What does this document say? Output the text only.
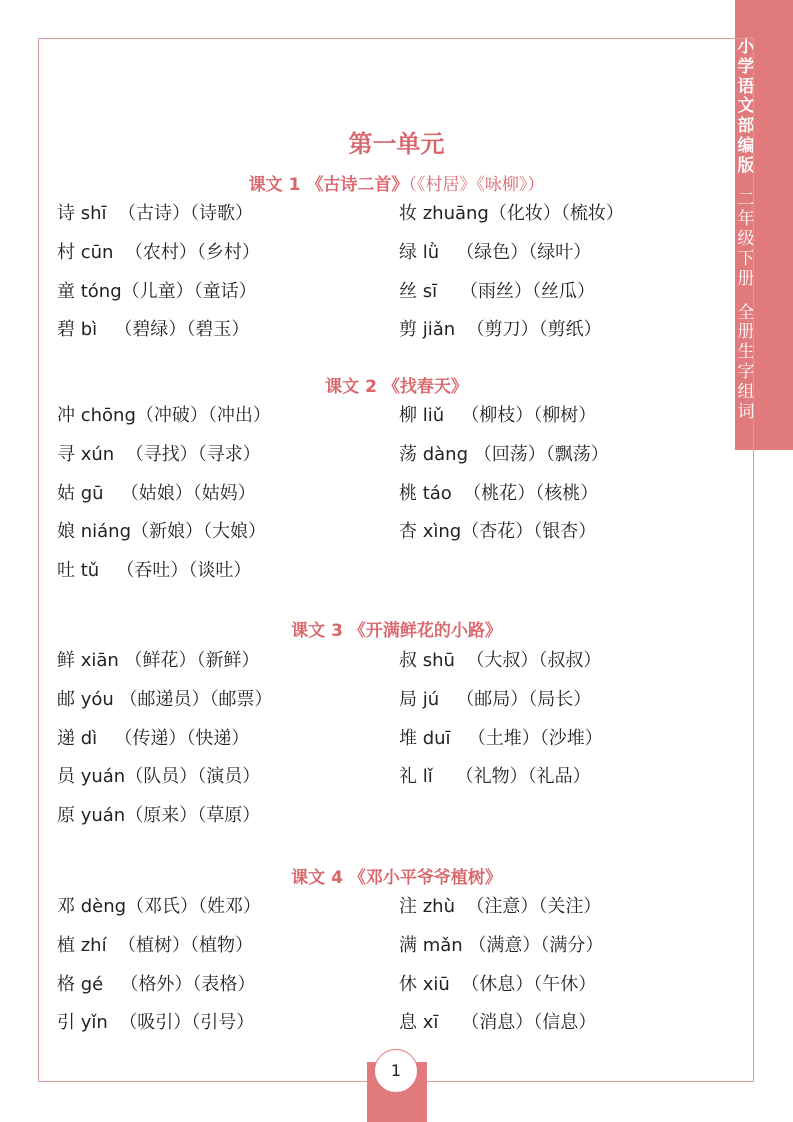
小学语文部编版
二年级下册
全册生字组词
第一单元
课文 1 《古诗二首》（《村居》《咏柳》）
课文 2 《找春天》
课文 3 《开满鲜花的小路》
课文 4 《邓小平爷爷植树》
诗 shī  （古诗）（诗歌）	妆 zhuāng（化妆）（梳妆）
村 cūn  （农村）（乡村）	绿 lǜ   （绿色）（绿叶）
童 tóng（儿童）（童话）	丝 sī    （雨丝）（丝瓜）
碧 bì   （碧绿）（碧玉）	剪 jiǎn  （剪刀）（剪纸）
冲 chōng（冲破）（冲出）	柳 liǔ   （柳枝）（柳树）
寻 xún  （寻找）（寻求）	荡 dàng （回荡）（飘荡）
姑 gū   （姑娘）（姑妈）	桃 táo  （桃花）（核桃）
娘 niáng（新娘）（大娘）	杏 xìng（杏花）（银杏）
吐 tǔ   （吞吐）（谈吐）
鲜 xiān （鲜花）（新鲜）	叔 shū  （大叔）（叔叔）
邮 yóu （邮递员）（邮票）	局 jú   （邮局）（局长）
递 dì   （传递）（快递）	堆 duī   （土堆）（沙堆）
员 yuán（队员）（演员）	礼 lǐ    （礼物）（礼品）
原 yuán（原来）（草原）
邓 dèng（邓氏）（姓邓）	注 zhù  （注意）（关注）
植 zhí  （植树）（植物）	满 mǎn （满意）（满分）
格 gé   （格外）（表格）	休 xiū  （休息）（午休）
引 yǐn  （吸引）（引号）	息 xī    （消息）（信息）
1
